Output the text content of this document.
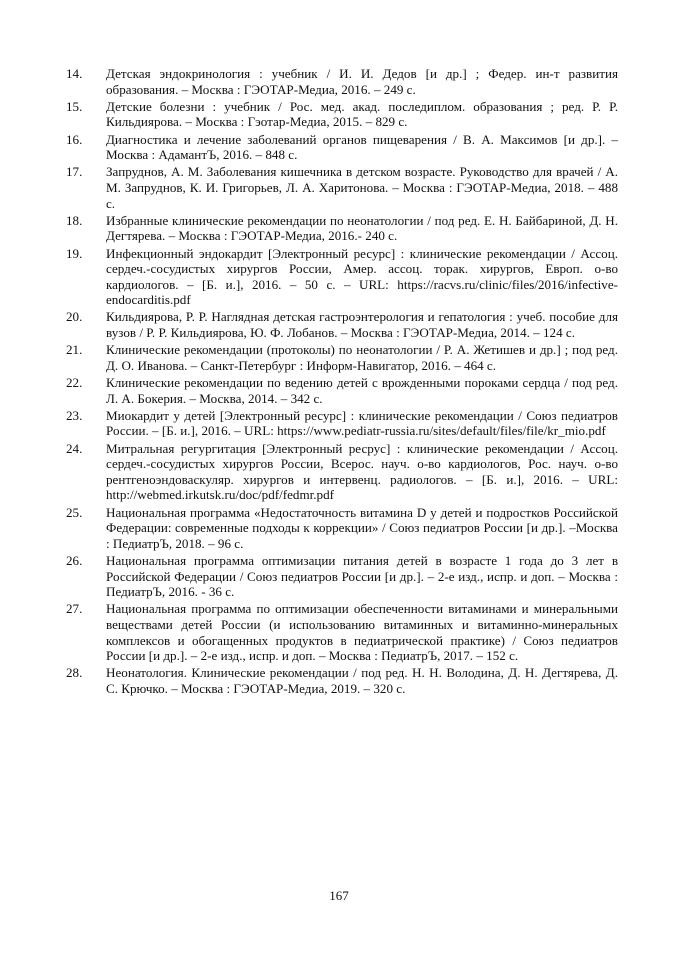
14.	Детская эндокринология : учебник / И. И. Дедов [и др.] ; Федер. ин-т развития образования. – Москва : ГЭОТАР-Медиа, 2016. – 249 с.
15.	Детские болезни : учебник / Рос. мед. акад. последиплом. образования ; ред. Р. Р. Кильдиярова. – Москва : Гэотар-Медиа, 2015. – 829 с.
16.	Диагностика и лечение заболеваний органов пищеварения / В. А. Максимов [и др.]. – Москва : АдамантЪ, 2016. – 848 с.
17.	Запруднов, А. М. Заболевания кишечника в детском возрасте. Руководство для врачей / А. М. Запруднов, К. И. Григорьев, Л. А. Харитонова. – Москва : ГЭОТАР-Медиа, 2018. – 488 с.
18.	Избранные клинические рекомендации по неонатологии / под ред. Е. Н. Байбариной, Д. Н. Дегтярева. – Москва : ГЭОТАР-Медиа, 2016.- 240 с.
19.	Инфекционный эндокардит [Электронный ресурс] : клинические рекомендации / Ассоц. сердеч.-сосудистых хирургов России, Амер. ассоц. торак. хирургов, Европ. о-во кардиологов. – [Б. и.], 2016. – 50 с. – URL: https://racvs.ru/clinic/files/2016/infective-endocarditis.pdf
20.	Кильдиярова, Р. Р. Наглядная детская гастроэнтерология и гепатология : учеб. пособие для вузов / Р. Р. Кильдиярова, Ю. Ф. Лобанов. – Москва : ГЭОТАР-Медиа, 2014. – 124 с.
21.	Клинические рекомендации (протоколы) по неонатологии / Р. А. Жетишев и др.] ; под ред. Д. О. Иванова. – Санкт-Петербург : Информ-Навигатор, 2016. – 464 с.
22.	Клинические рекомендации по ведению детей с врожденными пороками сердца / под ред. Л. А. Бокерия. – Москва, 2014. – 342 с.
23.	Миокардит у детей [Электронный ресурс] : клинические рекомендации / Союз педиатров России. – [Б. и.], 2016. – URL: https://www.pediatr-russia.ru/sites/default/files/file/kr_mio.pdf
24.	Митральная регургитация [Электронный ресрус] : клинические рекомендации / Ассоц. сердеч.-сосудистых хирургов России, Всерос. науч. о-во кардиологов, Рос. науч. о-во рентгеноэндоваскуляр. хирургов и интервенц. радиологов. – [Б. и.], 2016. – URL: http://webmed.irkutsk.ru/doc/pdf/fedmr.pdf
25.	Национальная программа «Недостаточность витамина D у детей и подростков Российской Федерации: современные подходы к коррекции» / Союз педиатров России [и др.]. –Москва : ПедиатрЪ, 2018. – 96 с.
26.	Национальная программа оптимизации питания детей в возрасте 1 года до 3 лет в Российской Федерации / Союз педиатров России [и др.]. – 2-е изд., испр. и доп. – Москва : ПедиатрЪ, 2016. - 36 с.
27.	Национальная программа по оптимизации обеспеченности витаминами и минеральными веществами детей России (и использованию витаминных и витаминно-минеральных комплексов и обогащенных продуктов в педиатрической практике) / Союз педиатров России [и др.]. – 2-е изд., испр. и доп. – Москва : ПедиатрЪ, 2017. – 152 с.
28.	Неонатология. Клинические рекомендации / под ред. Н. Н. Володина, Д. Н. Дегтярева, Д. С. Крючко. – Москва : ГЭОТАР-Медиа, 2019. – 320 с.
167
